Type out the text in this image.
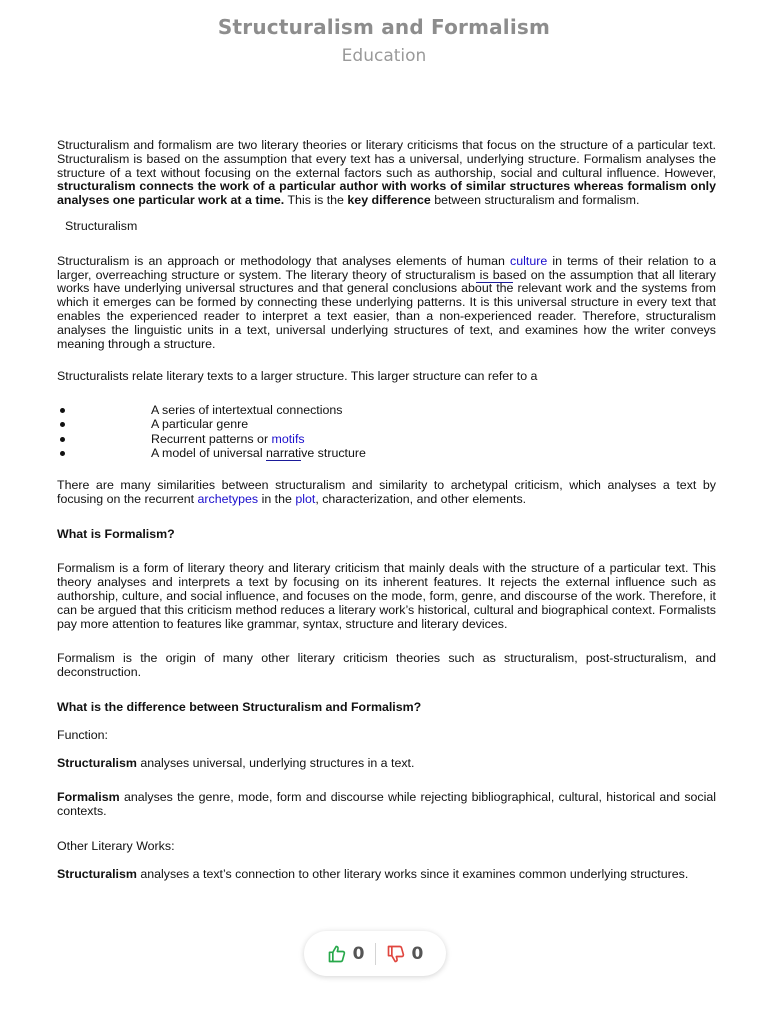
Structuralism and Formalism
Education

Structuralism and formalism are two literary theories or literary criticisms that focus on the structure of a particular text. Structuralism is based on the assumption that every text has a universal, underlying structure. Formalism analyses the structure of a text without focusing on the external factors such as authorship, social and cultural influence. However, structuralism connects the work of a particular author with works of similar structures whereas formalism only analyses one particular work at a time. This is the key difference between structuralism and formalism.

Structuralism

Structuralism is an approach or methodology that analyses elements of human culture in terms of their relation to a larger, overreaching structure or system. The literary theory of structuralism is based on the assumption that all literary works have underlying universal structures and that general conclusions about the relevant work and the systems from which it emerges can be formed by connecting these underlying patterns. It is this universal structure in every text that enables the experienced reader to interpret a text easier, than a non-experienced reader. Therefore, structuralism analyses the linguistic units in a text, universal underlying structures of text, and examines how the writer conveys meaning through a structure.

Structuralists relate literary texts to a larger structure. This larger structure can refer to a

A series of intertextual connections
A particular genre
Recurrent patterns or motifs
A model of universal narrative structure

There are many similarities between structuralism and similarity to archetypal criticism, which analyses a text by focusing on the recurrent archetypes in the plot, characterization, and other elements.

What is Formalism?

Formalism is a form of literary theory and literary criticism that mainly deals with the structure of a particular text. This theory analyses and interprets a text by focusing on its inherent features. It rejects the external influence such as authorship, culture, and social influence, and focuses on the mode, form, genre, and discourse of the work. Therefore, it can be argued that this criticism method reduces a literary work’s historical, cultural and biographical context. Formalists pay more attention to features like grammar, syntax, structure and literary devices.

Formalism is the origin of many other literary criticism theories such as structuralism, post-structuralism, and deconstruction.

What is the difference between Structuralism and Formalism?

Function:

Structuralism analyses universal, underlying structures in a text.

Formalism analyses the genre, mode, form and discourse while rejecting bibliographical, cultural, historical and social contexts.

Other Literary Works:

Structuralism analyses a text’s connection to other literary works since it examines common underlying structures.

0	0
